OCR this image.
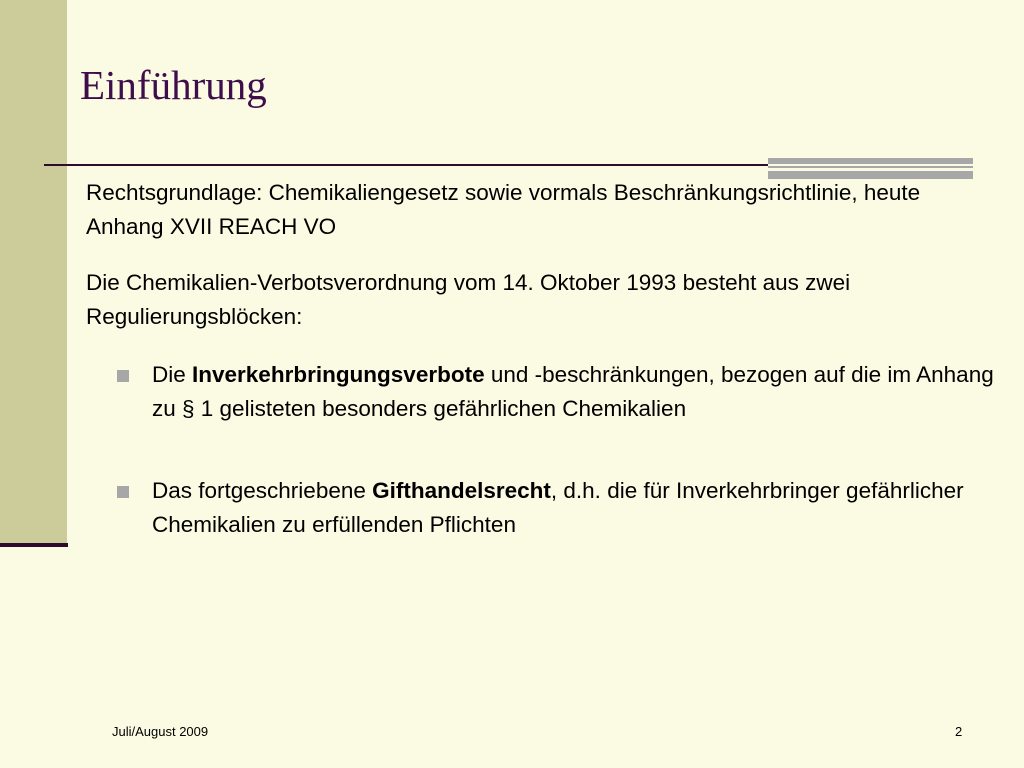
Einführung

Rechtsgrundlage: Chemikaliengesetz sowie vormals Beschränkungsrichtlinie, heute Anhang XVII REACH VO

Die Chemikalien-Verbotsverordnung vom 14. Oktober 1993 besteht aus zwei Regulierungsblöcken:

Die Inverkehrbringungsverbote und -beschränkungen, bezogen auf die im Anhang zu § 1 gelisteten besonders gefährlichen Chemikalien
Das fortgeschriebene Gifthandelsrecht, d.h. die für Inverkehrbringer gefährlicher Chemikalien zu erfüllenden Pflichten
Juli/August 2009	2
